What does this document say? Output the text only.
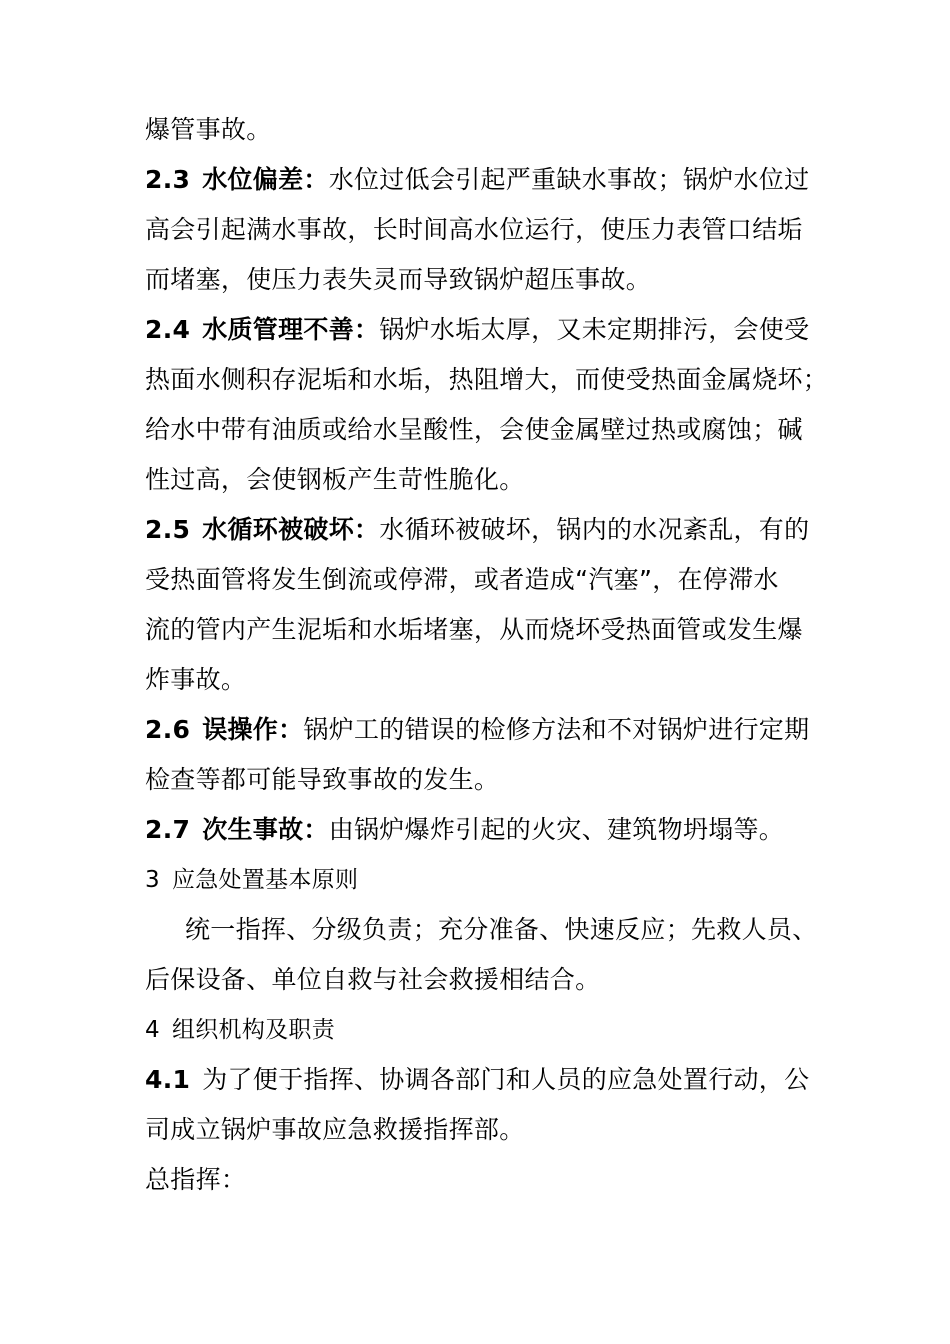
爆管事故。
2.3 水位偏差：水位过低会引起严重缺水事故；锅炉水位过
高会引起满水事故，长时间高水位运行，使压力表管口结垢
而堵塞，使压力表失灵而导致锅炉超压事故。
2.4 水质管理不善：锅炉水垢太厚，又未定期排污，会使受
热面水侧积存泥垢和水垢，热阻增大，而使受热面金属烧坏；
给水中带有油质或给水呈酸性，会使金属壁过热或腐蚀；碱
性过高，会使钢板产生苛性脆化。
2.5 水循环被破坏：水循环被破坏，锅内的水况紊乱，有的
受热面管将发生倒流或停滞，或者造成“汽塞”，在停滞水
流的管内产生泥垢和水垢堵塞，从而烧坏受热面管或发生爆
炸事故。
2.6 误操作：锅炉工的错误的检修方法和不对锅炉进行定期
检查等都可能导致事故的发生。
2.7 次生事故：由锅炉爆炸引起的火灾、建筑物坍塌等。
3 应急处置基本原则
统一指挥、分级负责；充分准备、快速反应；先救人员、
后保设备、单位自救与社会救援相结合。
4 组织机构及职责
4.1 为了便于指挥、协调各部门和人员的应急处置行动，公
司成立锅炉事故应急救援指挥部。
总指挥：
